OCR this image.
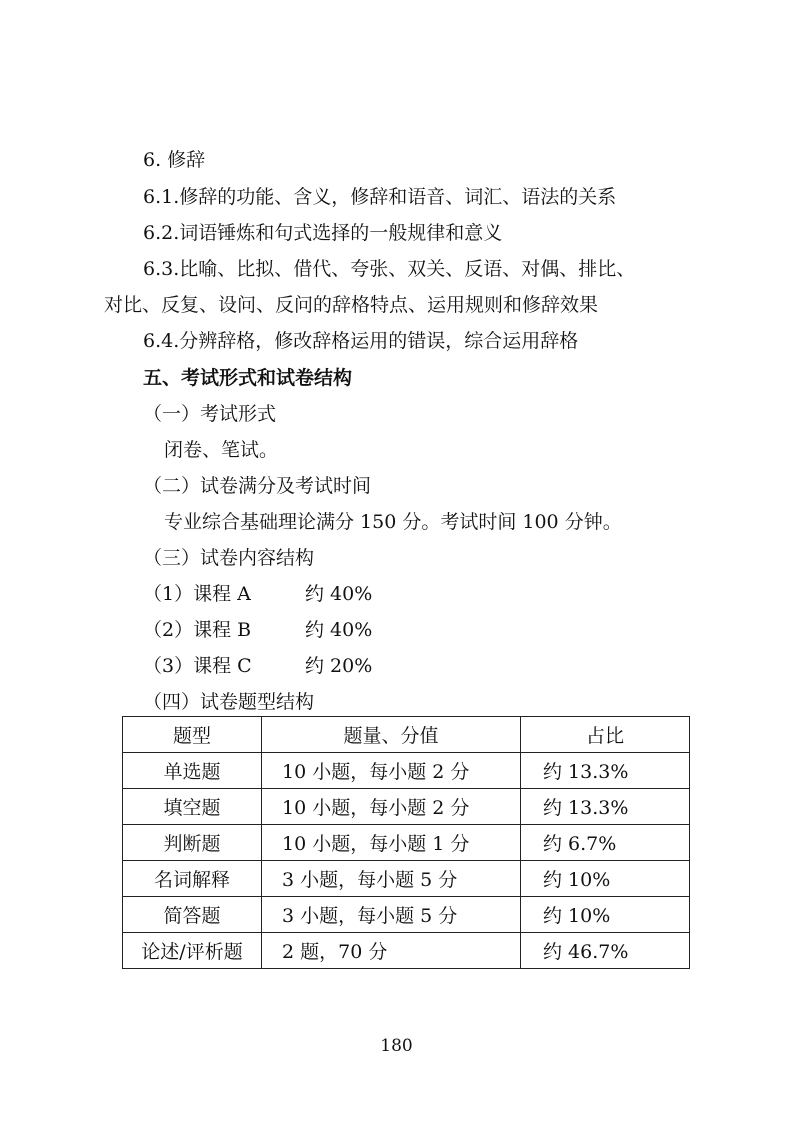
6. 修辞
6.1.修辞的功能、含义，修辞和语音、词汇、语法的关系
6.2.词语锤炼和句式选择的一般规律和意义
6.3.比喻、比拟、借代、夸张、双关、反语、对偶、排比、
对比、反复、设问、反问的辞格特点、运用规则和修辞效果
6.4.分辨辞格，修改辞格运用的错误，综合运用辞格
五、考试形式和试卷结构
（一）考试形式
闭卷、笔试。
（二）试卷满分及考试时间
专业综合基础理论满分 150 分。考试时间 100 分钟。
（三）试卷内容结构
（1）课程 A	约 40%
（2）课程 B	约 40%
（3）课程 C	约 20%
（四）试卷题型结构
题型	题量、分值	占比
单选题	10 小题，每小题 2 分	约 13.3%
填空题	10 小题，每小题 2 分	约 13.3%
判断题	10 小题，每小题 1 分	约 6.7%
名词解释	3 小题，每小题 5 分	约 10%
简答题	3 小题，每小题 5 分	约 10%
论述/评析题	2 题，70 分	约 46.7%
180
